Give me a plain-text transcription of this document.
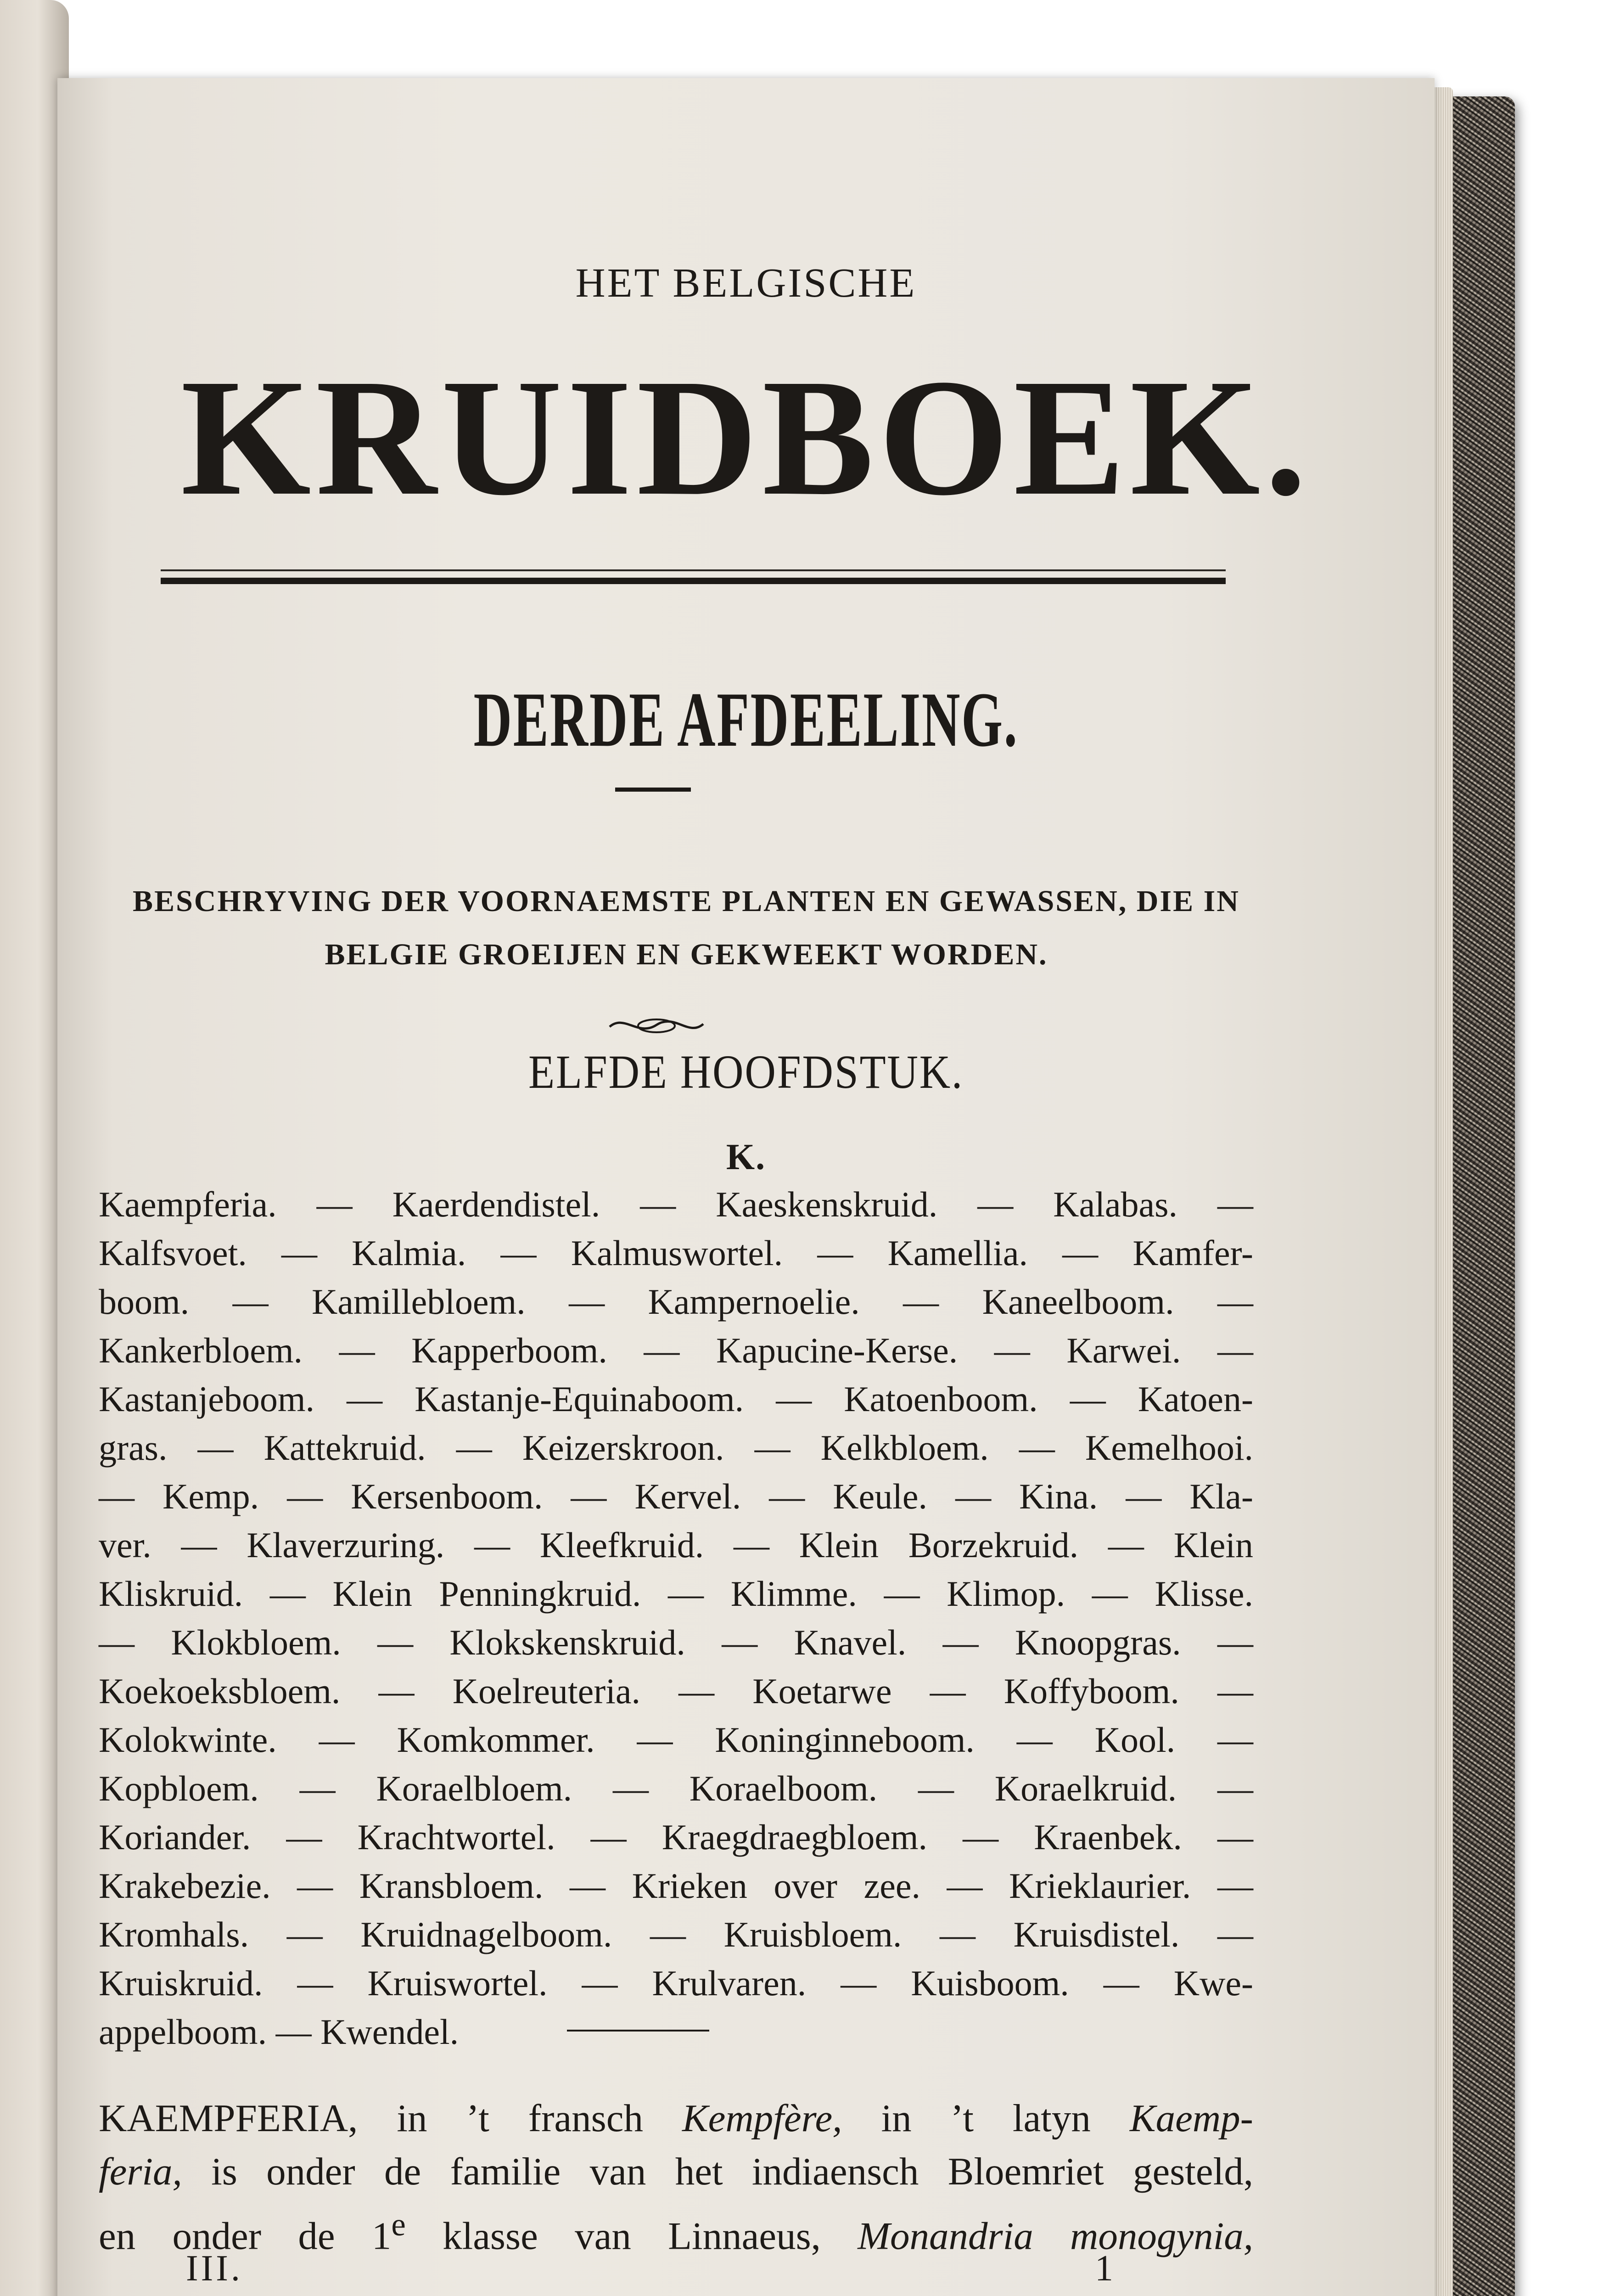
HET BELGISCHE
KRUIDBOEK.
DERDE AFDEELING.
BESCHRYVING DER VOORNAEMSTE PLANTEN EN GEWASSEN, DIE IN
BELGIE GROEIJEN EN GEKWEEKT WORDEN.
ELFDE HOOFDSTUK.
K.
Kaempferia. — Kaerdendistel. — Kaeskenskruid. — Kalabas. —
Kalfsvoet. — Kalmia. — Kalmuswortel. — Kamellia. — Kamfer-
boom. — Kamillebloem. — Kampernoelie. — Kaneelboom. —
Kankerbloem. — Kapperboom. — Kapucine-Kerse. — Karwei. —
Kastanjeboom. — Kastanje-Equinaboom. — Katoenboom. — Katoen-
gras. — Kattekruid. — Keizerskroon. — Kelkbloem. — Kemelhooi.
— Kemp. — Kersenboom. — Kervel. — Keule. — Kina. — Kla-
ver. — Klaverzuring. — Kleefkruid. — Klein Borzekruid. — Klein
Kliskruid. — Klein Penningkruid. — Klimme. — Klimop. — Klisse.
— Klokbloem. — Klokskenskruid. — Knavel. — Knoopgras. —
Koekoeksbloem. — Koelreuteria. — Koetarwe — Koffyboom. —
Kolokwinte. — Komkommer. — Koninginneboom. — Kool. —
Kopbloem. — Koraelbloem. — Koraelboom. — Koraelkruid. —
Koriander. — Krachtwortel. — Kraegdraegbloem. — Kraenbek. —
Krakebezie. — Kransbloem. — Krieken over zee. — Krieklaurier. —
Kromhals. — Kruidnagelboom. — Kruisbloem. — Kruisdistel. —
Kruiskruid. — Kruiswortel. — Krulvaren. — Kuisboom. — Kwe-
appelboom. — Kwendel.
KAEMPFERIA, in ’t fransch Kempfère, in ’t latyn Kaemp-
feria, is onder de familie van het indiaensch Bloemriet gesteld,
en onder de 1e klasse van Linnaeus, Monandria monogynia,
III.	1
